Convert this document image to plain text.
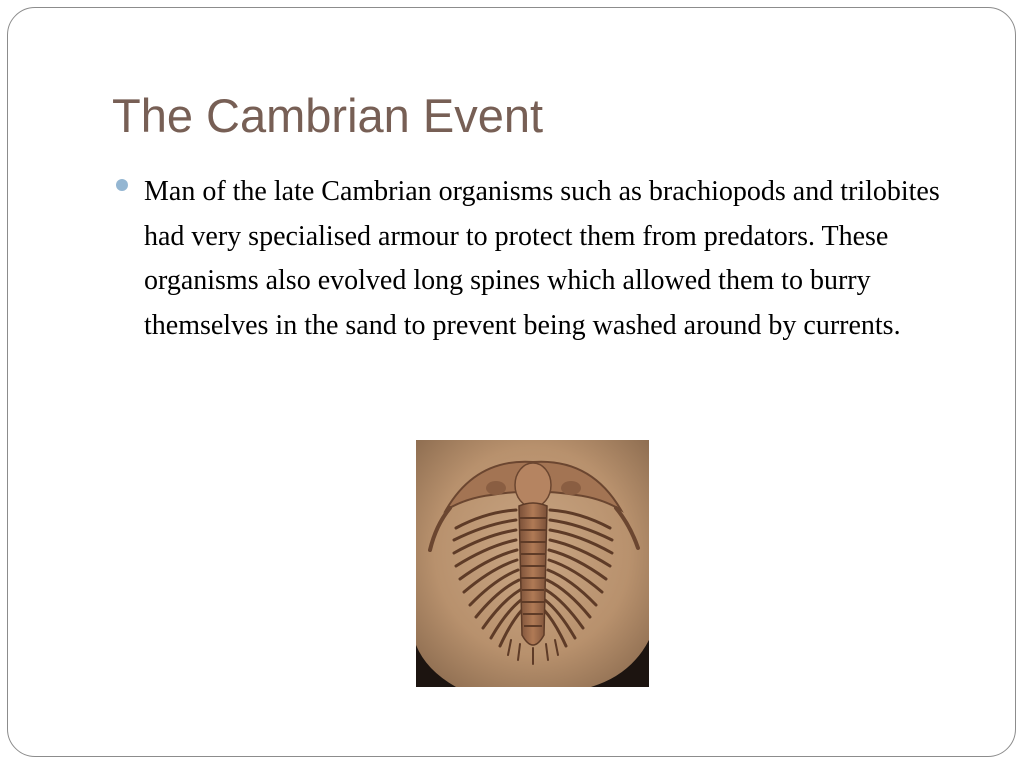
The Cambrian Event
Man of the late Cambrian organisms such as brachiopods and trilobites had very specialised armour to protect them from predators. These organisms also evolved long spines which allowed them to burry themselves in the sand to prevent being washed around by currents.
